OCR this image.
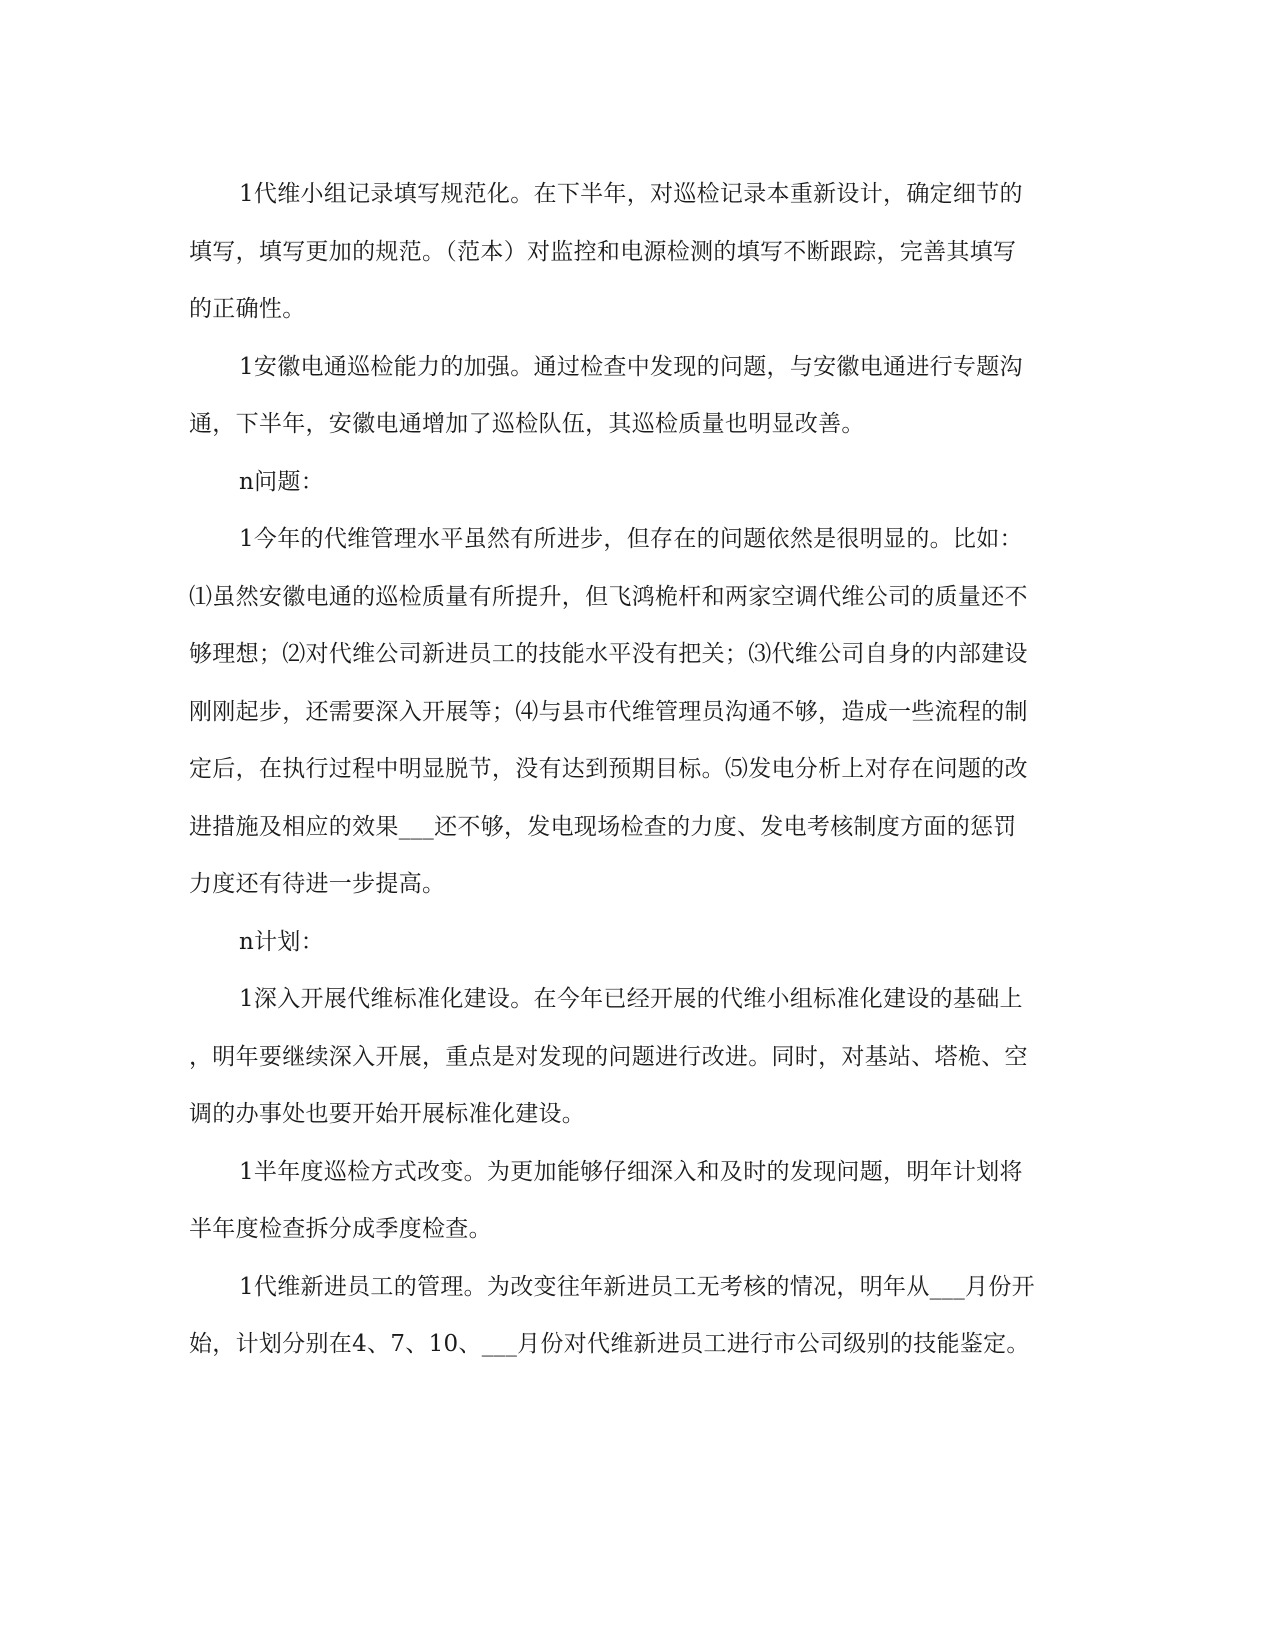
1代维小组记录填写规范化。在下半年，对巡检记录本重新设计，确定细节的
填写，填写更加的规范。（范本）对监控和电源检测的填写不断跟踪，完善其填写
的正确性。

1安徽电通巡检能力的加强。通过检查中发现的问题，与安徽电通进行专题沟
通，下半年，安徽电通增加了巡检队伍，其巡检质量也明显改善。

n问题：

1今年的代维管理水平虽然有所进步，但存在的问题依然是很明显的。比如：
⑴虽然安徽电通的巡检质量有所提升，但飞鸿桅杆和两家空调代维公司的质量还不
够理想；⑵对代维公司新进员工的技能水平没有把关；⑶代维公司自身的内部建设
刚刚起步，还需要深入开展等；⑷与县市代维管理员沟通不够，造成一些流程的制
定后，在执行过程中明显脱节，没有达到预期目标。⑸发电分析上对存在问题的改
进措施及相应的效果___还不够，发电现场检查的力度、发电考核制度方面的惩罚
力度还有待进一步提高。

n计划：

1深入开展代维标准化建设。在今年已经开展的代维小组标准化建设的基础上
，明年要继续深入开展，重点是对发现的问题进行改进。同时，对基站、塔桅、空
调的办事处也要开始开展标准化建设。

1半年度巡检方式改变。为更加能够仔细深入和及时的发现问题，明年计划将
半年度检查拆分成季度检查。

1代维新进员工的管理。为改变往年新进员工无考核的情况，明年从___月份开
始，计划分别在4、7、10、___月份对代维新进员工进行市公司级别的技能鉴定。
